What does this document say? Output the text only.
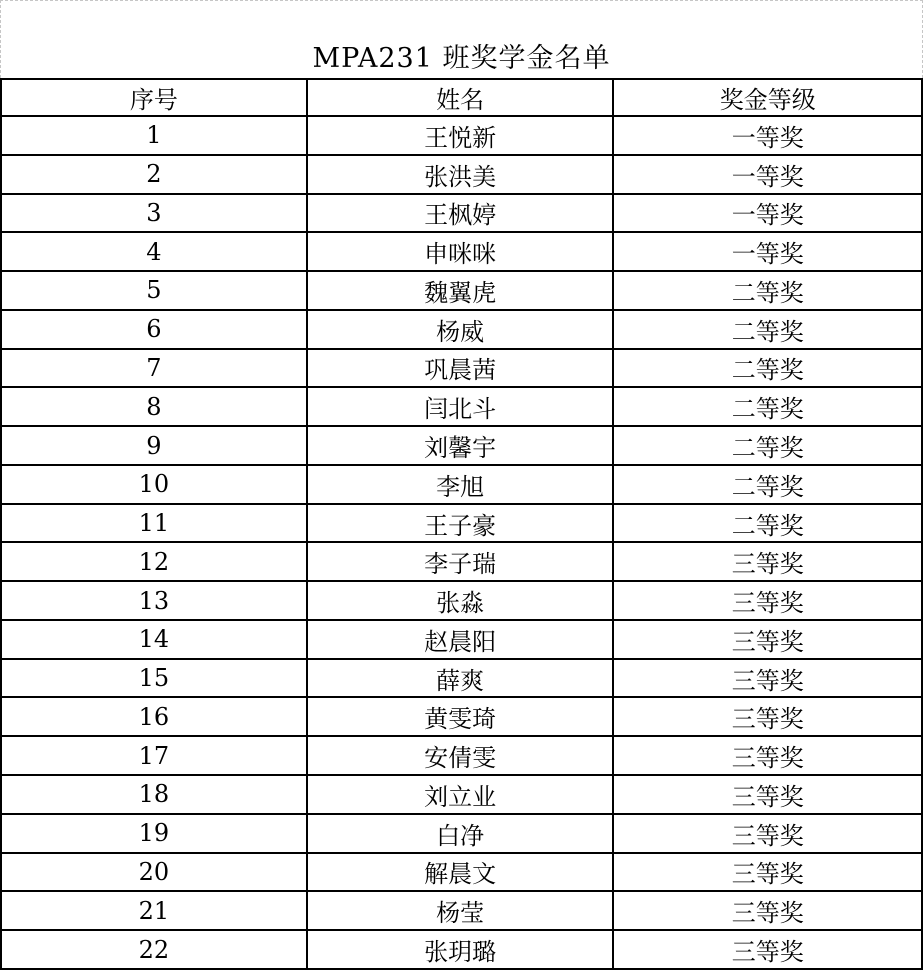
MPA231 班奖学金名单
序号	姓名	奖金等级
1	王悦新	一等奖
2	张洪美	一等奖
3	王枫婷	一等奖
4	申咪咪	一等奖
5	魏翼虎	二等奖
6	杨威	二等奖
7	巩晨茜	二等奖
8	闫北斗	二等奖
9	刘馨宇	二等奖
10	李旭	二等奖
11	王子豪	二等奖
12	李子瑞	三等奖
13	张淼	三等奖
14	赵晨阳	三等奖
15	薛爽	三等奖
16	黄雯琦	三等奖
17	安倩雯	三等奖
18	刘立业	三等奖
19	白净	三等奖
20	解晨文	三等奖
21	杨莹	三等奖
22	张玥璐	三等奖
